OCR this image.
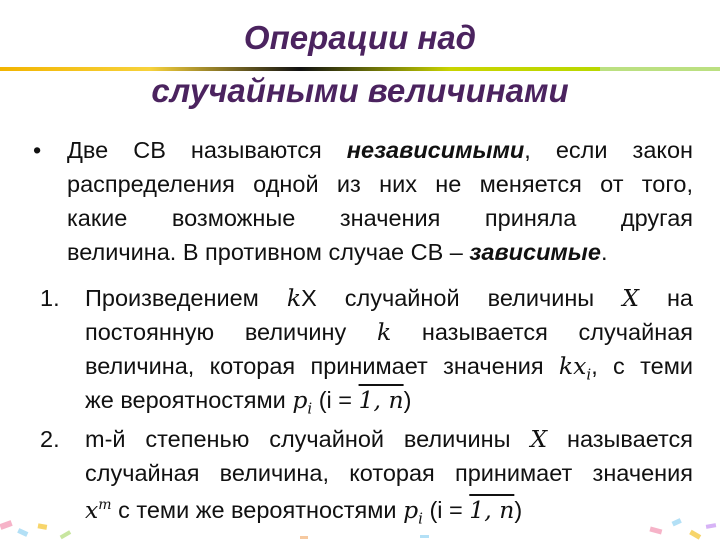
Операции над
случайными величинами
• Две СВ называются независимыми, если закон
распределения одной из них не меняется от того,
какие возможные значения приняла другая
величина. В противном случае СВ – зависимые.
1. Произведением kX случайной величины X на
постоянную величину k называется случайная
величина, которая принимает значения $kx_i$, с теми
же вероятностями $p_i$ (i = 1, n)
2. m-й степенью случайной величины X называется
случайная величина, которая принимает значения
$x^m$ с теми же вероятностями $p_i$ (i = 1, n)
